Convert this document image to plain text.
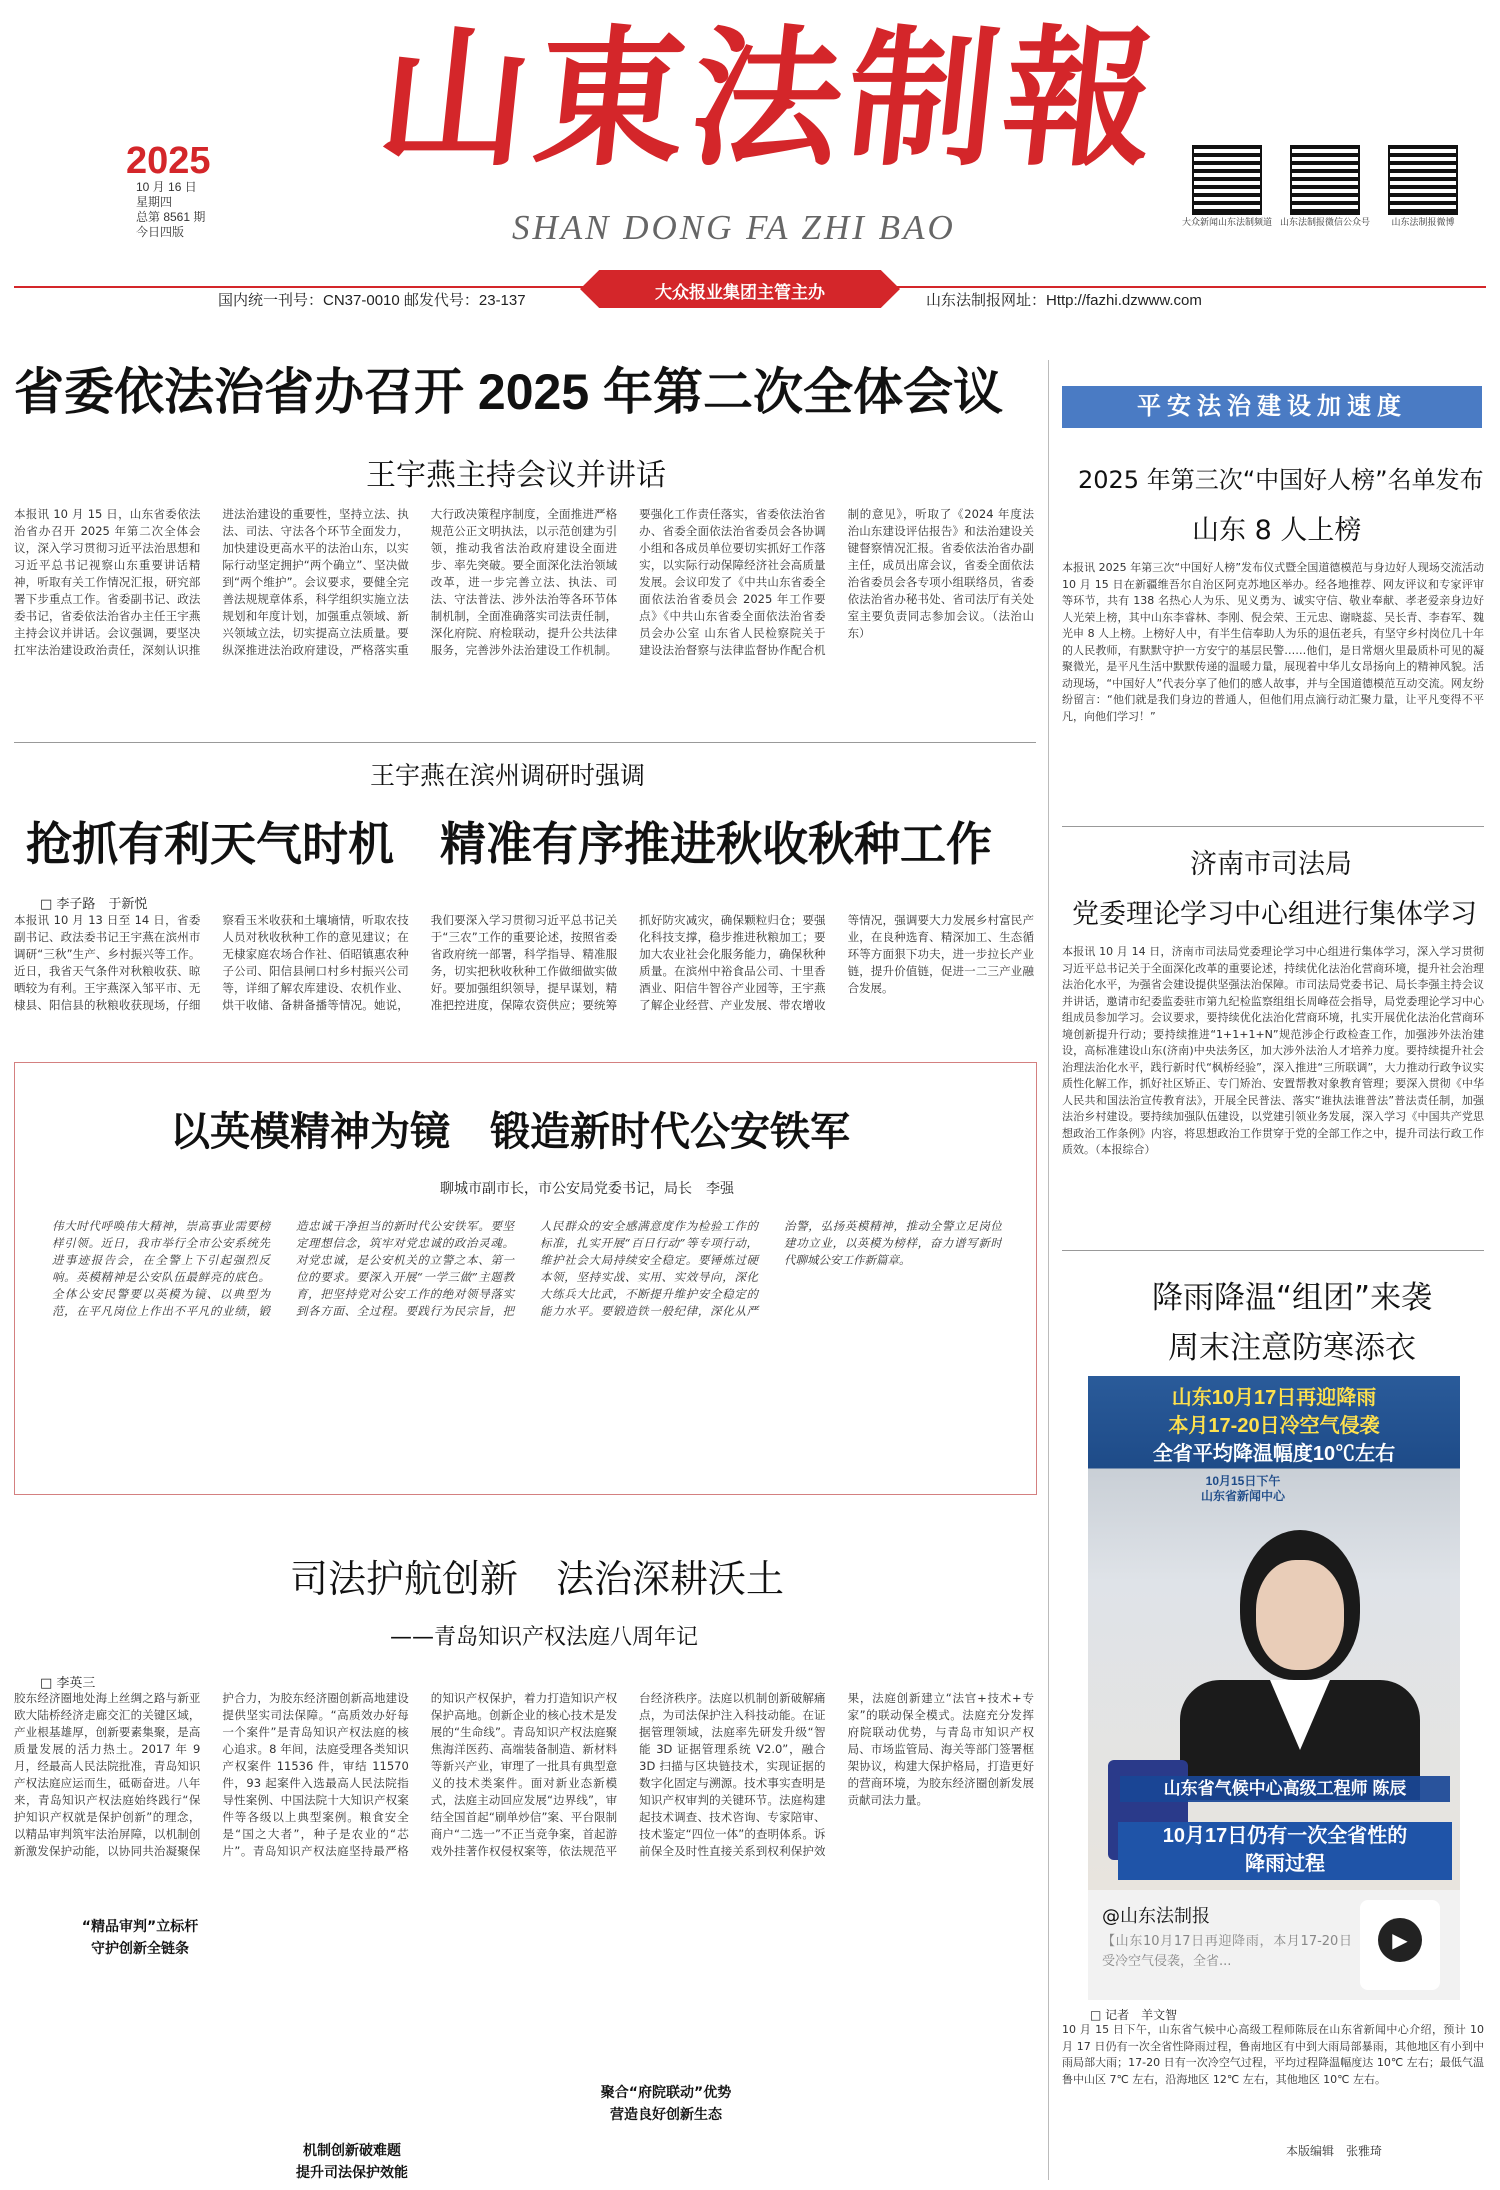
2025
10 月 16 日
星期四
总第 8561 期
今日四版
山東法制報
SHAN DONG FA ZHI BAO	大众新闻山东法制频道 山东法制报微信公众号	山东法制报微博
大众报业集团主管主办
国内统一刊号：CN37-0010 邮发代号：23-137	山东法制报网址：Http://fazhi.dzwww.com
省委依法治省办召开 2025 年第二次全体会议
王宇燕主持会议并讲话
本报讯 10 月 15 日，山东省委依法治省办召开 2025 年第二次全体会议，深入学习贯彻习近平法治思想和习近平总书记视察山东重要讲话精神，听取有关工作情况汇报，研究部署下步重点工作。省委副书记、政法委书记，省委依法治省办主任王宇燕主持会议并讲话。会议强调，要坚决扛牢法治建设政治责任，深刻认识推进法治建设的重要性，坚持立法、执法、司法、守法各个环节全面发力，加快建设更高水平的法治山东，以实际行动坚定拥护“两个确立”、坚决做到“两个维护”。会议要求，要健全完善法规规章体系，科学组织实施立法规划和年度计划，加强重点领域、新兴领域立法，切实提高立法质量。要纵深推进法治政府建设，严格落实重大行政决策程序制度，全面推进严格规范公正文明执法，以示范创建为引领，推动我省法治政府建设全面进步、率先突破。要全面深化法治领域改革，进一步完善立法、执法、司法、守法普法、涉外法治等各环节体制机制，全面准确落实司法责任制，深化府院、府检联动，提升公共法律服务，完善涉外法治建设工作机制。要强化工作责任落实，省委依法治省办、省委全面依法治省委员会各协调小组和各成员单位要切实抓好工作落实，以实际行动保障经济社会高质量发展。会议印发了《中共山东省委全面依法治省委员会 2025 年工作要点》《中共山东省委全面依法治省委员会办公室 山东省人民检察院关于建设法治督察与法律监督协作配合机制的意见》，听取了《2024 年度法治山东建设评估报告》和法治建设关键督察情况汇报。省委依法治省办副主任，成员出席会议，省委全面依法治省委员会各专项小组联络员，省委依法治省办秘书处、省司法厅有关处室主要负责同志参加会议。（法治山东）
王宇燕在滨州调研时强调
抢抓有利天气时机　精准有序推进秋收秋种工作
□ 李子路　于新悦
本报讯 10 月 13 日至 14 日，省委副书记、政法委书记王宇燕在滨州市调研“三秋”生产、乡村振兴等工作。近日，我省天气条件对秋粮收获、晾晒较为有利。王宇燕深入邹平市、无棣县、阳信县的秋粮收获现场，仔细察看玉米收获和土壤墒情，听取农技人员对秋收秋种工作的意见建议；在无棣家庭农场合作社、佰昭镇惠农种子公司、阳信县闸口村乡村振兴公司等，详细了解农库建设、农机作业、烘干收储、备耕备播等情况。她说，我们要深入学习贯彻习近平总书记关于“三农”工作的重要论述，按照省委省政府统一部署，科学指导、精准服务，切实把秋收秋种工作做细做实做好。要加强组织领导，提早谋划，精准把控进度，保障农资供应；要统筹抓好防灾减灾，确保颗粒归仓；要强化科技支撑，稳步推进秋粮加工；要加大农业社会化服务能力，确保秋种质量。在滨州中裕食品公司、十里香酒业、阳信牛智谷产业园等，王宇燕了解企业经营、产业发展、带农增收等情况，强调要大力发展乡村富民产业，在良种选育、精深加工、生态循环等方面狠下功夫，进一步拉长产业链，提升价值链，促进一二三产业融合发展。
以英模精神为镜　锻造新时代公安铁军
聊城市副市长，市公安局党委书记，局长　李强
伟大时代呼唤伟大精神，崇高事业需要榜样引领。近日，我市举行全市公安系统先进事迹报告会，在全警上下引起强烈反响。英模精神是公安队伍最鲜亮的底色。全体公安民警要以英模为镜、以典型为范，在平凡岗位上作出不平凡的业绩，锻造忠诚干净担当的新时代公安铁军。要坚定理想信念，筑牢对党忠诚的政治灵魂。对党忠诚，是公安机关的立警之本、第一位的要求。要深入开展“一学三做”主题教育，把坚持党对公安工作的绝对领导落实到各方面、全过程。要践行为民宗旨，把人民群众的安全感满意度作为检验工作的标准，扎实开展“百日行动”等专项行动，维护社会大局持续安全稳定。要锤炼过硬本领，坚持实战、实用、实效导向，深化大练兵大比武，不断提升维护安全稳定的能力水平。要锻造铁一般纪律，深化从严治警，弘扬英模精神，推动全警立足岗位建功立业，以英模为榜样，奋力谱写新时代聊城公安工作新篇章。
司法护航创新　法治深耕沃土
——青岛知识产权法庭八周年记
□ 李英三
胶东经济圈地处海上丝绸之路与新亚欧大陆桥经济走廊交汇的关键区域，产业根基雄厚，创新要素集聚，是高质量发展的活力热土。2017 年 9 月，经最高人民法院批准，青岛知识产权法庭应运而生，砥砺奋进。八年来，青岛知识产权法庭始终践行“保护知识产权就是保护创新”的理念，以精品审判筑牢法治屏障，以机制创新激发保护动能，以协同共治凝聚保护合力，为胶东经济圈创新高地建设提供坚实司法保障。“高质效办好每一个案件”是青岛知识产权法庭的核心追求。8 年间，法庭受理各类知识产权案件 11536 件，审结 11570 件，93 起案件入选最高人民法院指导性案例、中国法院十大知识产权案件等各级以上典型案例。粮食安全是“国之大者”，种子是农业的“芯片”。青岛知识产权法庭坚持最严格的知识产权保护，着力打造知识产权保护高地。创新企业的核心技术是发展的“生命线”。青岛知识产权法庭聚焦海洋医药、高端装备制造、新材料等新兴产业，审理了一批具有典型意义的技术类案件。面对新业态新模式，法庭主动回应发展“边界线”，审结全国首起“刷单炒信”案、平台限制商户“二选一”不正当竞争案，首起游戏外挂著作权侵权案等，依法规范平台经济秩序。法庭以机制创新破解痛点，为司法保护注入科技动能。在证据管理领域，法庭率先研发升级“智能 3D 证据管理系统 V2.0”，融合 3D 扫描与区块链技术，实现证据的数字化固定与溯源。技术事实查明是知识产权审判的关键环节。法庭构建起技术调查、技术咨询、专家陪审、技术鉴定“四位一体”的查明体系。诉前保全及时性直接关系到权利保护效果，法庭创新建立“法官+技术+专家”的联动保全模式。法庭充分发挥府院联动优势，与青岛市知识产权局、市场监管局、海关等部门签署框架协议，构建大保护格局，打造更好的营商环境，为胶东经济圈创新发展贡献司法力量。
“精品审判”立标杆
守护创新全链条
机制创新破难题
提升司法保护效能
聚合“府院联动”优势
营造良好创新生态
平安法治建设加速度
2025 年第三次“中国好人榜”名单发布
山东 8 人上榜
本报讯 2025 年第三次“中国好人榜”发布仪式暨全国道德模范与身边好人现场交流活动 10 月 15 日在新疆维吾尔自治区阿克苏地区举办。经各地推荐、网友评议和专家评审等环节，共有 138 名热心人为乐、见义勇为、诚实守信、敬业奉献、孝老爱亲身边好人光荣上榜，其中山东李睿林、李刚、倪会荣、王元忠、谢晓蕊、吴长青、李春军、魏光申 8 人上榜。上榜好人中，有半生信奉助人为乐的退伍老兵，有坚守乡村岗位几十年的人民教师，有默默守护一方安宁的基层民警……他们，是日常烟火里最质朴可见的凝聚微光，是平凡生活中默默传递的温暖力量，展现着中华儿女昂扬向上的精神风貌。活动现场，“中国好人”代表分享了他们的感人故事，并与全国道德模范互动交流。网友纷纷留言：“他们就是我们身边的普通人，但他们用点滴行动汇聚力量，让平凡变得不平凡，向他们学习！”
济南市司法局
党委理论学习中心组进行集体学习
本报讯 10 月 14 日，济南市司法局党委理论学习中心组进行集体学习，深入学习贯彻习近平总书记关于全面深化改革的重要论述，持续优化法治化营商环境，提升社会治理法治化水平，为强省会建设提供坚强法治保障。市司法局党委书记、局长李强主持会议并讲话，邀请市纪委监委驻市第九纪检监察组组长周峰莅会指导，局党委理论学习中心组成员参加学习。会议要求，要持续优化法治化营商环境，扎实开展优化法治化营商环境创新提升行动；要持续推进“1+1+1+N”规范涉企行政检查工作，加强涉外法治建设，高标准建设山东(济南)中央法务区，加大涉外法治人才培养力度。要持续提升社会治理法治化水平，践行新时代“枫桥经验”，深入推进“三所联调”，大力推动行政争议实质性化解工作，抓好社区矫正、专门矫治、安置帮教对象教育管理；要深入贯彻《中华人民共和国法治宣传教育法》，开展全民普法、落实“谁执法谁普法”普法责任制，加强法治乡村建设。要持续加强队伍建设，以党建引领业务发展，深入学习《中国共产党思想政治工作条例》内容，将思想政治工作贯穿于党的全部工作之中，提升司法行政工作质效。（本报综合）
降雨降温“组团”来袭
周末注意防寒添衣
山东10月17日再迎降雨
本月17-20日冷空气侵袭
全省平均降温幅度10℃左右
10月15日下午
山东省新闻中心
山东省气候中心高级工程师 陈辰
10月17日仍有一次全省性的
降雨过程
@山东法制报
【山东10月17日再迎降雨，本月17-20日受冷空气侵袭，全省...
▶
□ 记者　羊文智
10 月 15 日下午，山东省气候中心高级工程师陈辰在山东省新闻中心介绍，预计 10 月 17 日仍有一次全省性降雨过程，鲁南地区有中到大雨局部暴雨，其他地区有小到中雨局部大雨；17-20 日有一次冷空气过程，平均过程降温幅度达 10℃ 左右；最低气温鲁中山区 7℃ 左右，沿海地区 12℃ 左右，其他地区 10℃ 左右。
本版编辑　张雅琦
